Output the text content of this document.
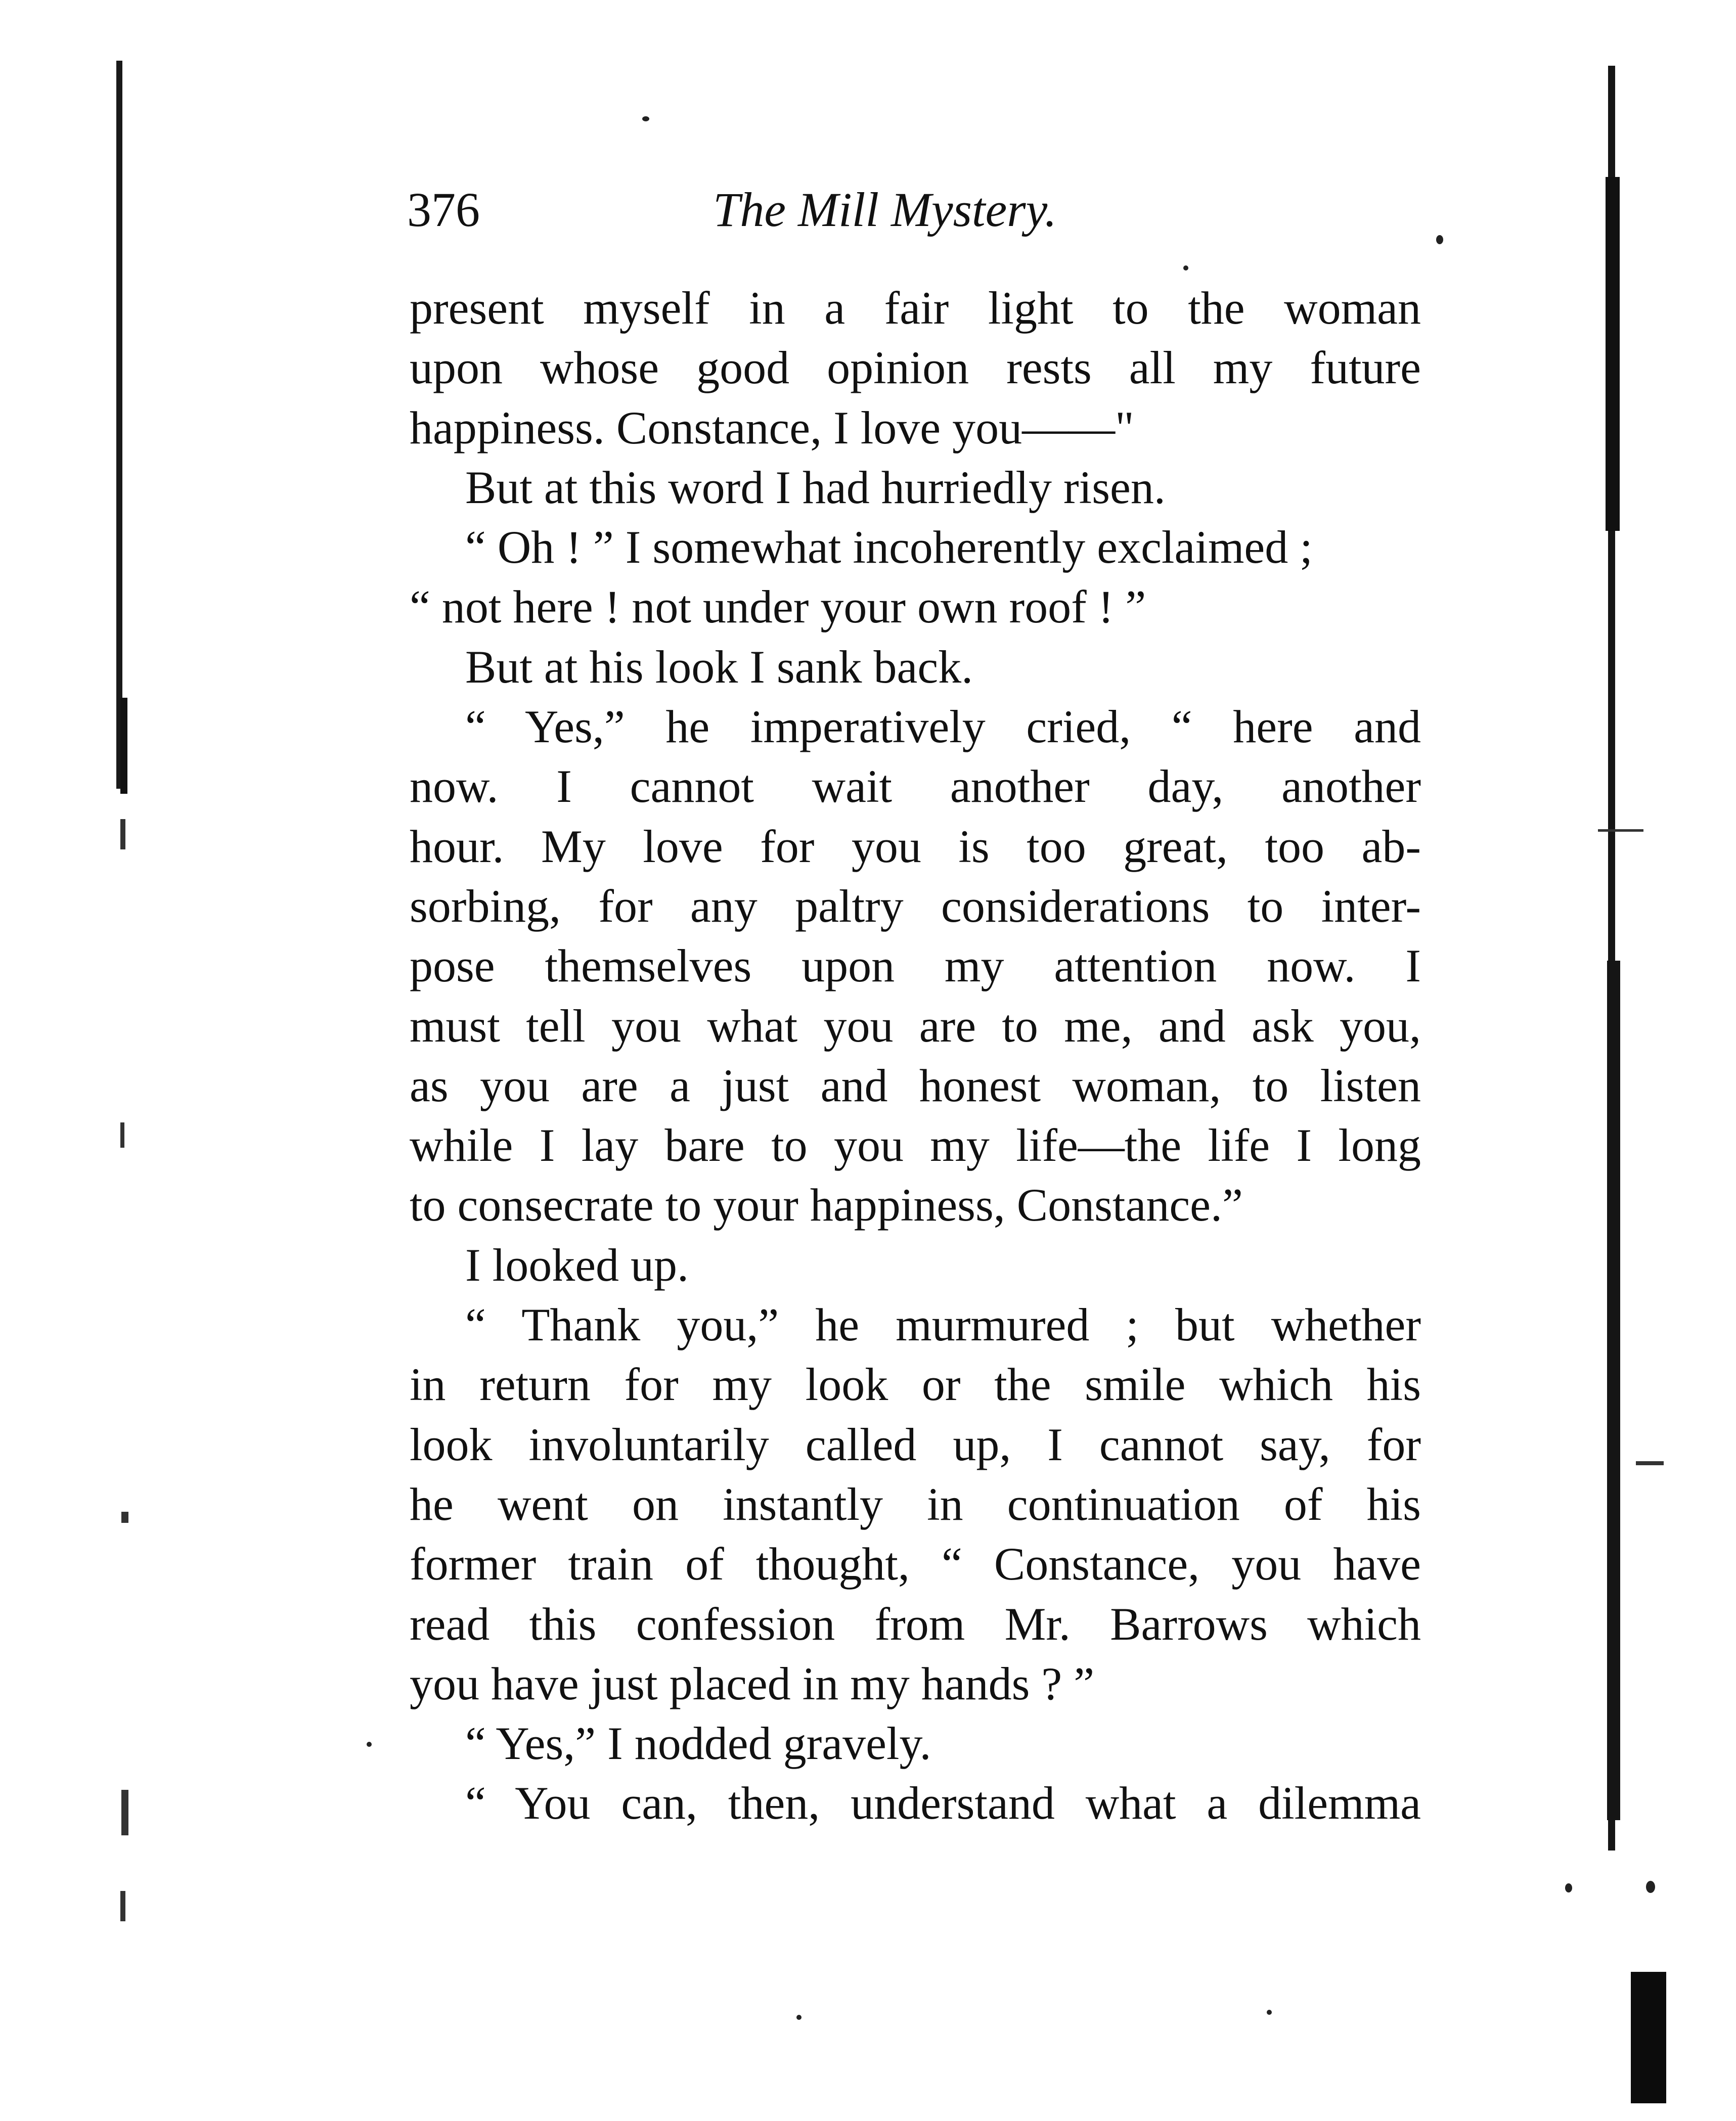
376	The Mill Mystery.
present myself in a fair light to the woman
upon whose good opinion rests all my future
happiness. Constance, I love you——"
But at this word I had hurriedly risen.
“ Oh ! ” I somewhat incoherently exclaimed ;
“ not here ! not under your own roof ! ”
But at his look I sank back.
“ Yes,” he imperatively cried, “ here and
now. I cannot wait another day, another
hour. My love for you is too great, too ab-
sorbing, for any paltry considerations to inter-
pose themselves upon my attention now. I
must tell you what you are to me, and ask you,
as you are a just and honest woman, to listen
while I lay bare to you my life—the life I long
to consecrate to your happiness, Constance.”
I looked up.
“ Thank you,” he murmured ; but whether
in return for my look or the smile which his
look involuntarily called up, I cannot say, for
he went on instantly in continuation of his
former train of thought, “ Constance, you have
read this confession from Mr. Barrows which
you have just placed in my hands ? ”
“ Yes,” I nodded gravely.
“ You can, then, understand what a dilemma
